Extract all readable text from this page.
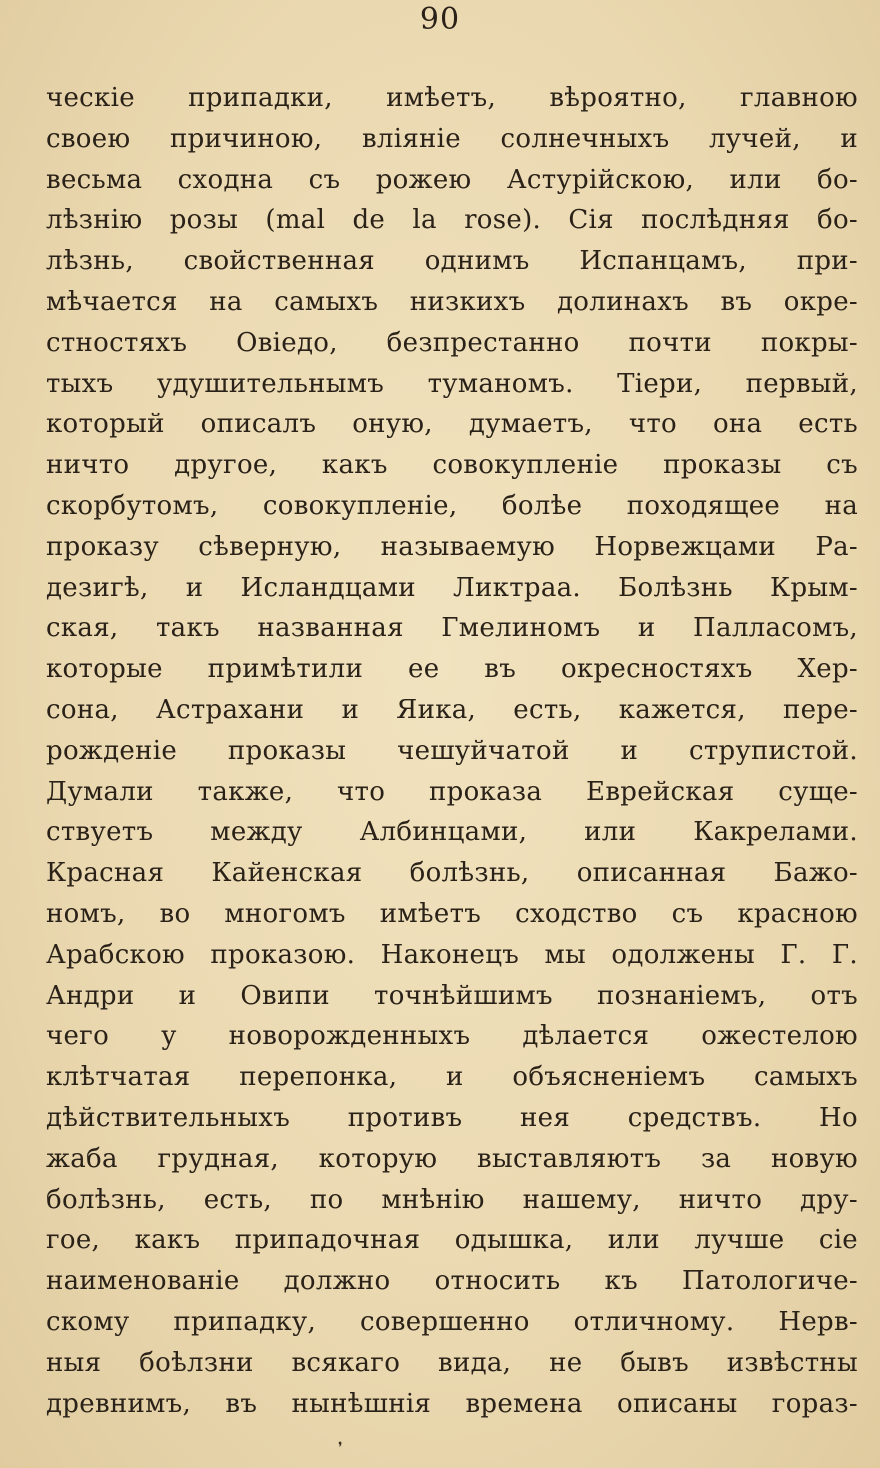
90
ческіе припадки, имѣетъ, вѣроятно, главною
своею причиною, вліяніе солнечныхъ лучей, и
весьма сходна съ рожею Астурійскою, или бо-
лѣзнію розы (mal de la rose). Сія послѣдняя бо-
лѣзнь, свойственная однимъ Испанцамъ, при-
мѣчается на самыхъ низкихъ долинахъ въ окре-
стностяхъ Овіедо, безпрестанно почти покры-
тыхъ удушительнымъ туманомъ. Тіери, первый,
который описалъ оную, думаетъ, что она есть
ничто другое, какъ совокупленіе проказы съ
скорбутомъ, совокупленіе, болѣе походящее на
проказу сѣверную, называемую Норвежцами Ра-
дезигѣ, и Исландцами Ликтраа. Болѣзнь Крым-
ская, такъ названная Гмелиномъ и Палласомъ,
которые примѣтили ее въ окресностяхъ Хер-
сона, Астрахани и Яика, есть, кажется, пере-
рожденіе проказы чешуйчатой и струпистой.
Думали также, что проказа Еврейская суще-
ствуетъ между Албинцами, или Какрелами.
Красная Кайенская болѣзнь, описанная Бажо-
номъ, во многомъ имѣетъ сходство съ красною
Арабскою проказою. Наконецъ мы одолжены Г. Г.
Андри и Овипи точнѣйшимъ познаніемъ, отъ
чего у новорожденныхъ дѣлается ожестелою
клѣтчатая перепонка, и объясненіемъ самыхъ
дѣйствительныхъ противъ нея средствъ. Но
жаба грудная, которую выставляютъ за новую
болѣзнь, есть, по мнѣнію нашему, ничто дру-
гое, какъ припадочная одышка, или лучше сіе
наименованіе должно относить къ Патологиче-
скому припадку, совершенно отличному. Нерв-
ныя боѣлзни всякаго вида, не бывъ извѣстны
древнимъ, въ нынѣшнія времена описаны гораз-
❜
